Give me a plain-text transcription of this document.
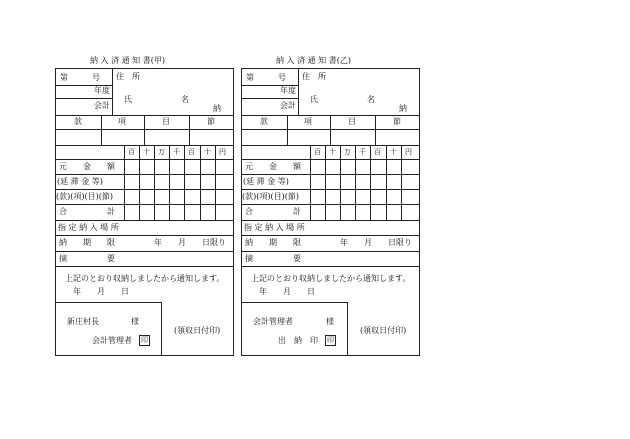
納 入 済 通 知 書(甲)
第　　　号
年度
会計
住　所
氏	名
納
款	項	目	節
百 十 万 千 百 十 円
元　　金　　額
(延 滞 金 等)
(款)(項)(目)(節)
合　　　　　計
指 定 納 入 場 所
納　　期　　限	年　　月　　日限り
摘　　　　　要
上記のとおり収納しましたから通知します。
年　　月　　日
新庄村長	様
会計管理者 印
(領収日付印)
納 入 済 通 知 書(乙)
第　　　号
年度
会計
住　所
氏	名
納
款	項	目	節
百 十 万 千 百 十 円
元　　金　　額
(延 滞 金 等)
(款)(項)(目)(節)
合　　　　　計
指 定 納 入 場 所
納　　期　　限	年　　月　　日限り
摘　　　　　要
上記のとおり収納しましたから通知します。
年　　月　　日
会計管理者	様
出　納　印 印
(領収日付印)
